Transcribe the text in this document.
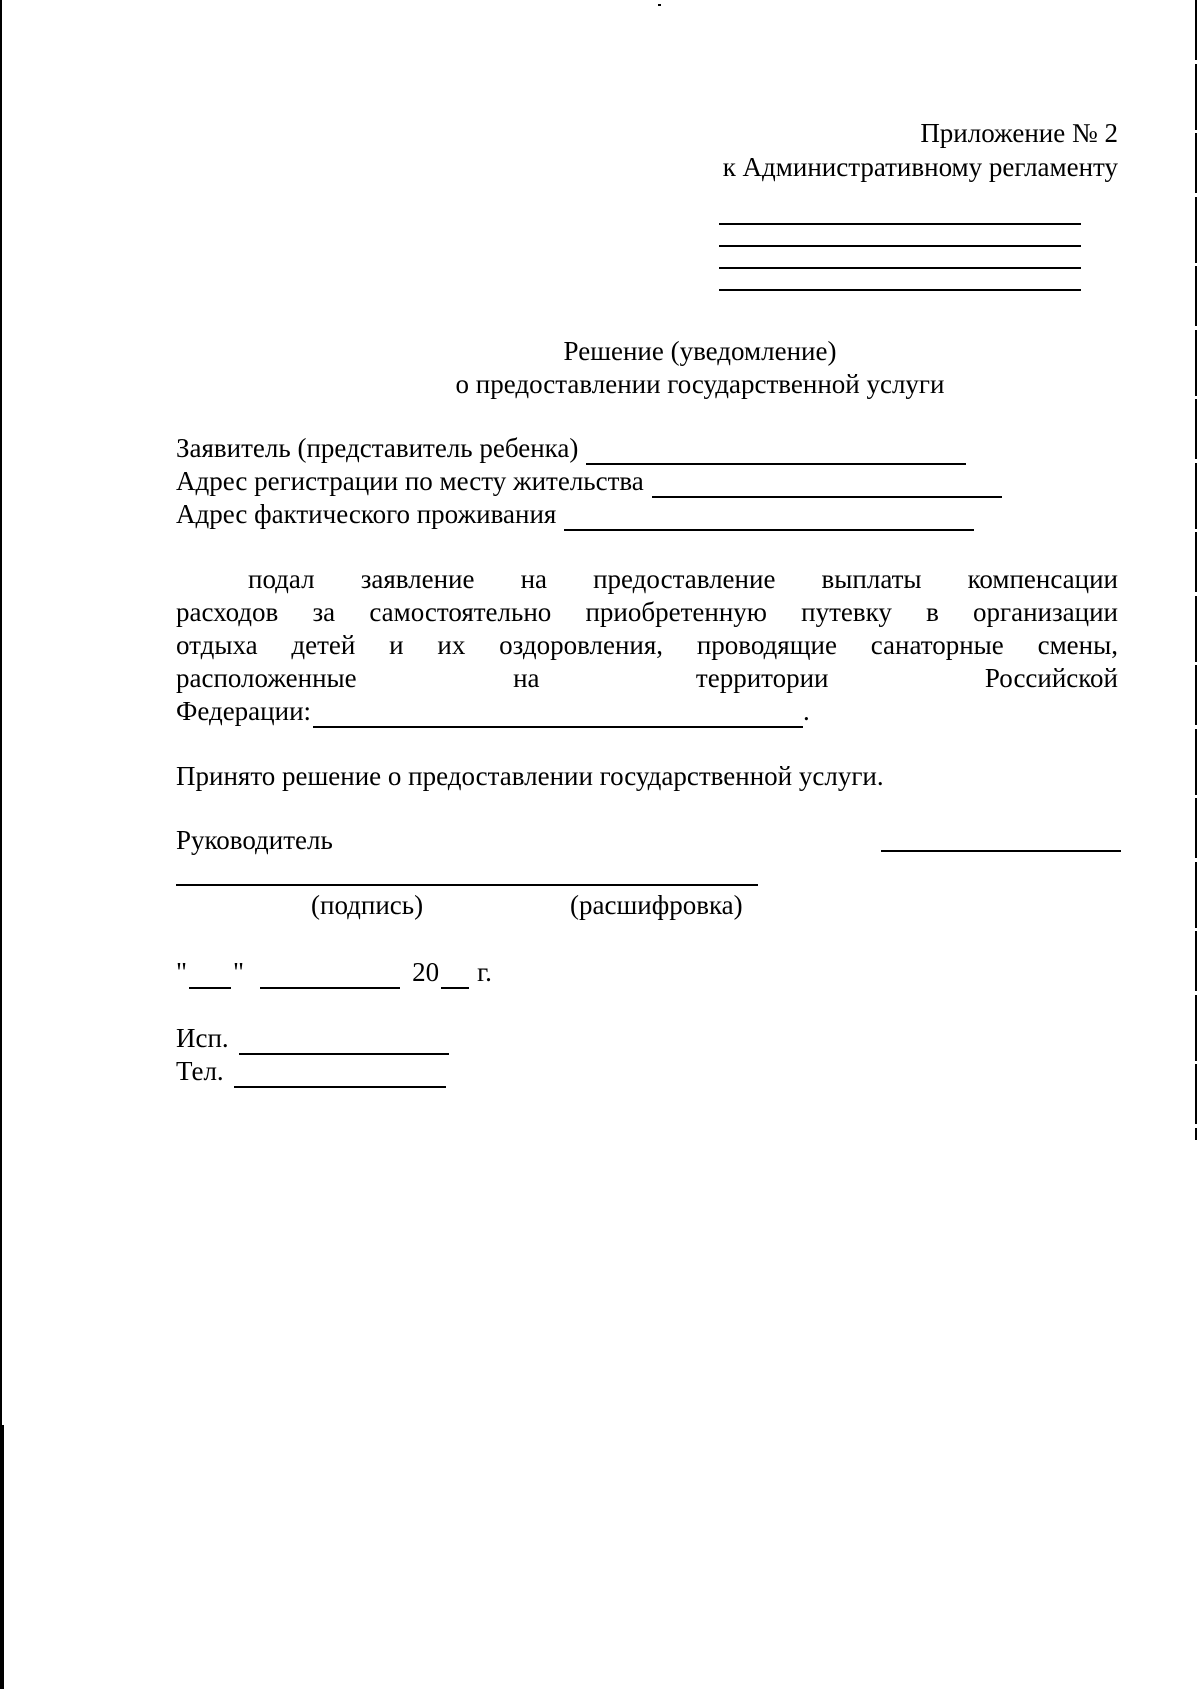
Приложение № 2
к Административному регламенту
Решение (уведомление)
о предоставлении государственной услуги
Заявитель (представитель ребенка)
Адрес регистрации по месту жительства
Адрес фактического проживания
подал заявление на предоставление выплаты компенсации
расходов за самостоятельно приобретенную путевку в организации
отдыха детей и их оздоровления, проводящие санаторные смены,
расположенные на территории Российской
Федерации:	.
Принято решение о предоставлении государственной услуги.
Руководитель
(подпись)	(расшифровка)
" "	20 г.
Исп.
Тел.
